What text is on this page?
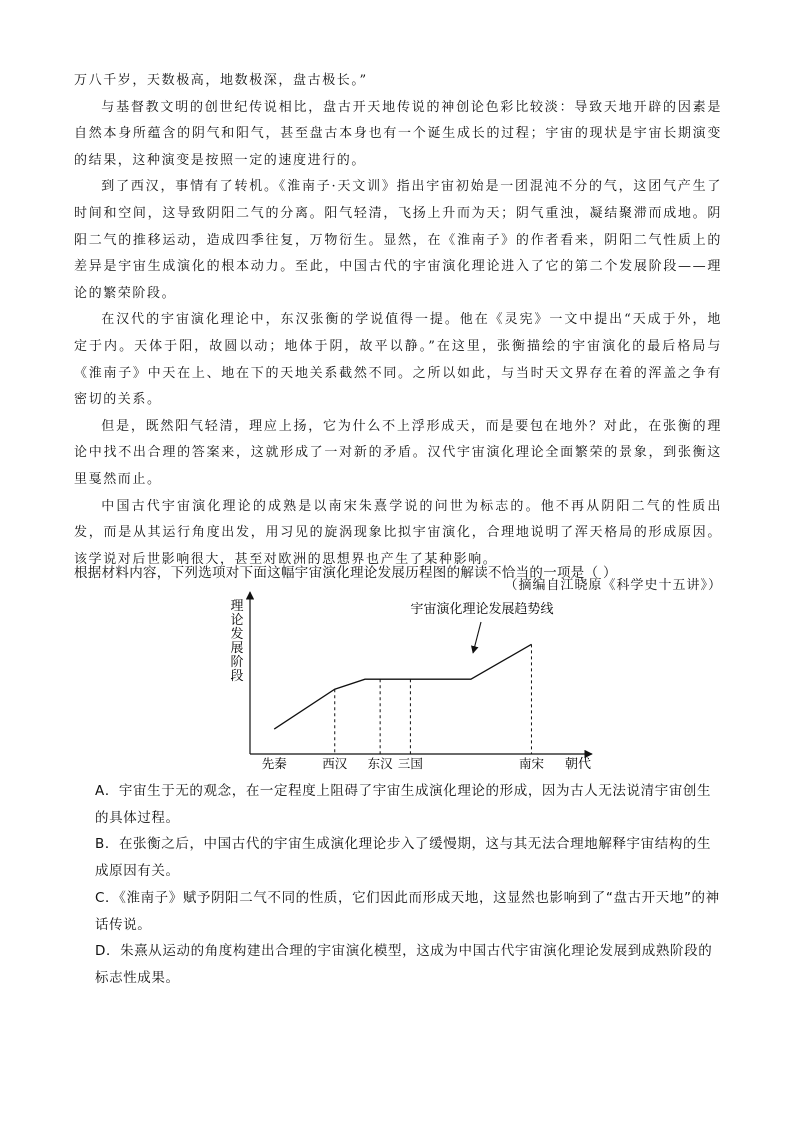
万八千岁，天数极高，地数极深，盘古极长。”

与基督教文明的创世纪传说相比，盘古开天地传说的神创论色彩比较淡：导致天地开辟的因素是自然本身所蕴含的阴气和阳气，甚至盘古本身也有一个诞生成长的过程；宇宙的现状是宇宙长期演变的结果，这种演变是按照一定的速度进行的。

到了西汉，事情有了转机。《淮南子·天文训》指出宇宙初始是一团混沌不分的气，这团气产生了时间和空间，这导致阴阳二气的分离。阳气轻清，飞扬上升而为天；阴气重浊，凝结聚滞而成地。阴阳二气的推移运动，造成四季往复，万物衍生。显然，在《淮南子》的作者看来，阴阳二气性质上的差异是宇宙生成演化的根本动力。至此，中国古代的宇宙演化理论进入了它的第二个发展阶段——理论的繁荣阶段。

在汉代的宇宙演化理论中，东汉张衡的学说值得一提。他在《灵宪》一文中提出“天成于外，地定于内。天体于阳，故圆以动；地体于阴，故平以静。”在这里，张衡描绘的宇宙演化的最后格局与《淮南子》中天在上、地在下的天地关系截然不同。之所以如此，与当时天文界存在着的浑盖之争有密切的关系。

但是，既然阳气轻清，理应上扬，它为什么不上浮形成天，而是要包在地外？对此，在张衡的理论中找不出合理的答案来，这就形成了一对新的矛盾。汉代宇宙演化理论全面繁荣的景象，到张衡这里戛然而止。

中国古代宇宙演化理论的成熟是以南宋朱熹学说的问世为标志的。他不再从阴阳二气的性质出发，而是从其运行角度出发，用习见的旋涡现象比拟宇宙演化，合理地说明了浑天格局的形成原因。该学说对后世影响很大，甚至对欧洲的思想界也产生了某种影响。

（摘编自江晓原《科学史十五讲》）

根据材料内容，下列选项对下面这幅宇宙演化理论发展历程图的解读不恰当的一项是（ ）
理论发展阶段
朝代
宇宙演化理论发展趋势线
先秦	西汉 东汉 三国	南宋

A．宇宙生于无的观念，在一定程度上阻碍了宇宙生成演化理论的形成，因为古人无法说清宇宙创生的具体过程。

B．在张衡之后，中国古代的宇宙生成演化理论步入了缓慢期，这与其无法合理地解释宇宙结构的生成原因有关。

C．《淮南子》赋予阴阳二气不同的性质，它们因此而形成天地，这显然也影响到了“盘古开天地”的神话传说。

D．朱熹从运动的角度构建出合理的宇宙演化模型，这成为中国古代宇宙演化理论发展到成熟阶段的标志性成果。
